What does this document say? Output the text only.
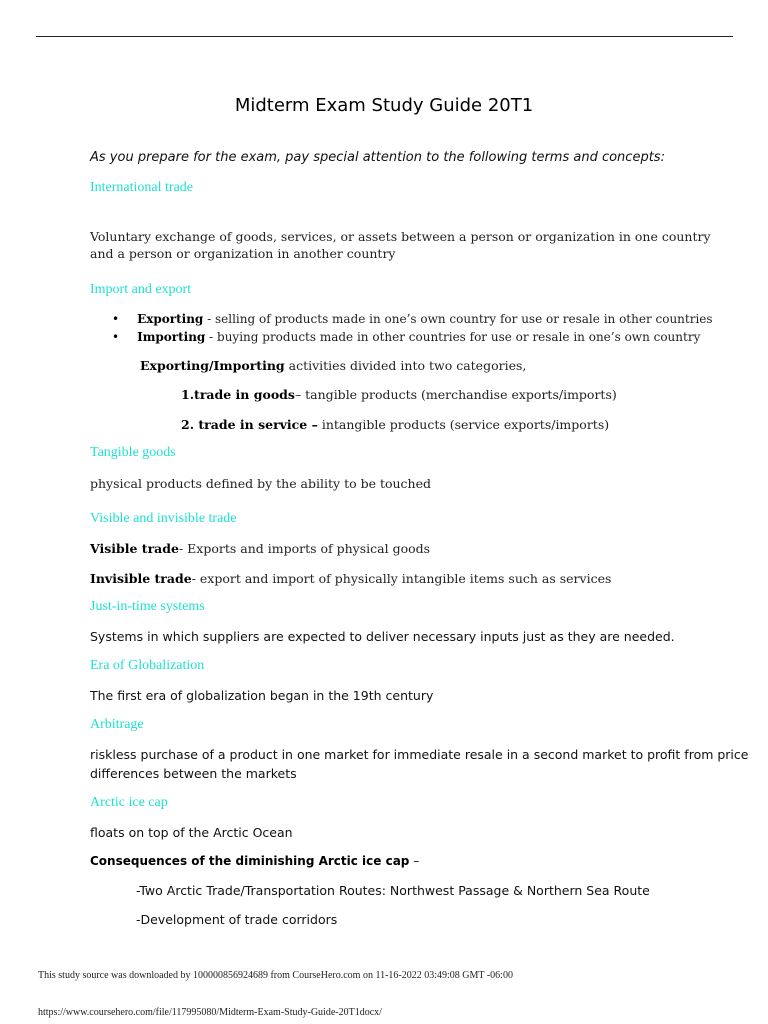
Midterm Exam Study Guide 20T1
As you prepare for the exam, pay special attention to the following terms and concepts:
International trade
Voluntary exchange of goods, services, or assets between a person or organization in one country
and a person or organization in another country
Import and export
• Exporting - selling of products made in one’s own country for use or resale in other countries
• Importing - buying products made in other countries for use or resale in one’s own country
Exporting/Importing activities divided into two categories,
1.trade in goods– tangible products (merchandise exports/imports)
2. trade in service – intangible products (service exports/imports)
Tangible goods
physical products defined by the ability to be touched
Visible and invisible trade
Visible trade- Exports and imports of physical goods
Invisible trade- export and import of physically intangible items such as services
Just-in-time systems
Systems in which suppliers are expected to deliver necessary inputs just as they are needed.
Era of Globalization
The first era of globalization began in the 19th century
Arbitrage
riskless purchase of a product in one market for immediate resale in a second market to profit from price
differences between the markets
Arctic ice cap
floats on top of the Arctic Ocean
Consequences of the diminishing Arctic ice cap –
-Two Arctic Trade/Transportation Routes: Northwest Passage & Northern Sea Route
-Development of trade corridors
This study source was downloaded by 100000856924689 from CourseHero.com on 11-16-2022 03:49:08 GMT -06:00
https://www.coursehero.com/file/117995080/Midterm-Exam-Study-Guide-20T1docx/
